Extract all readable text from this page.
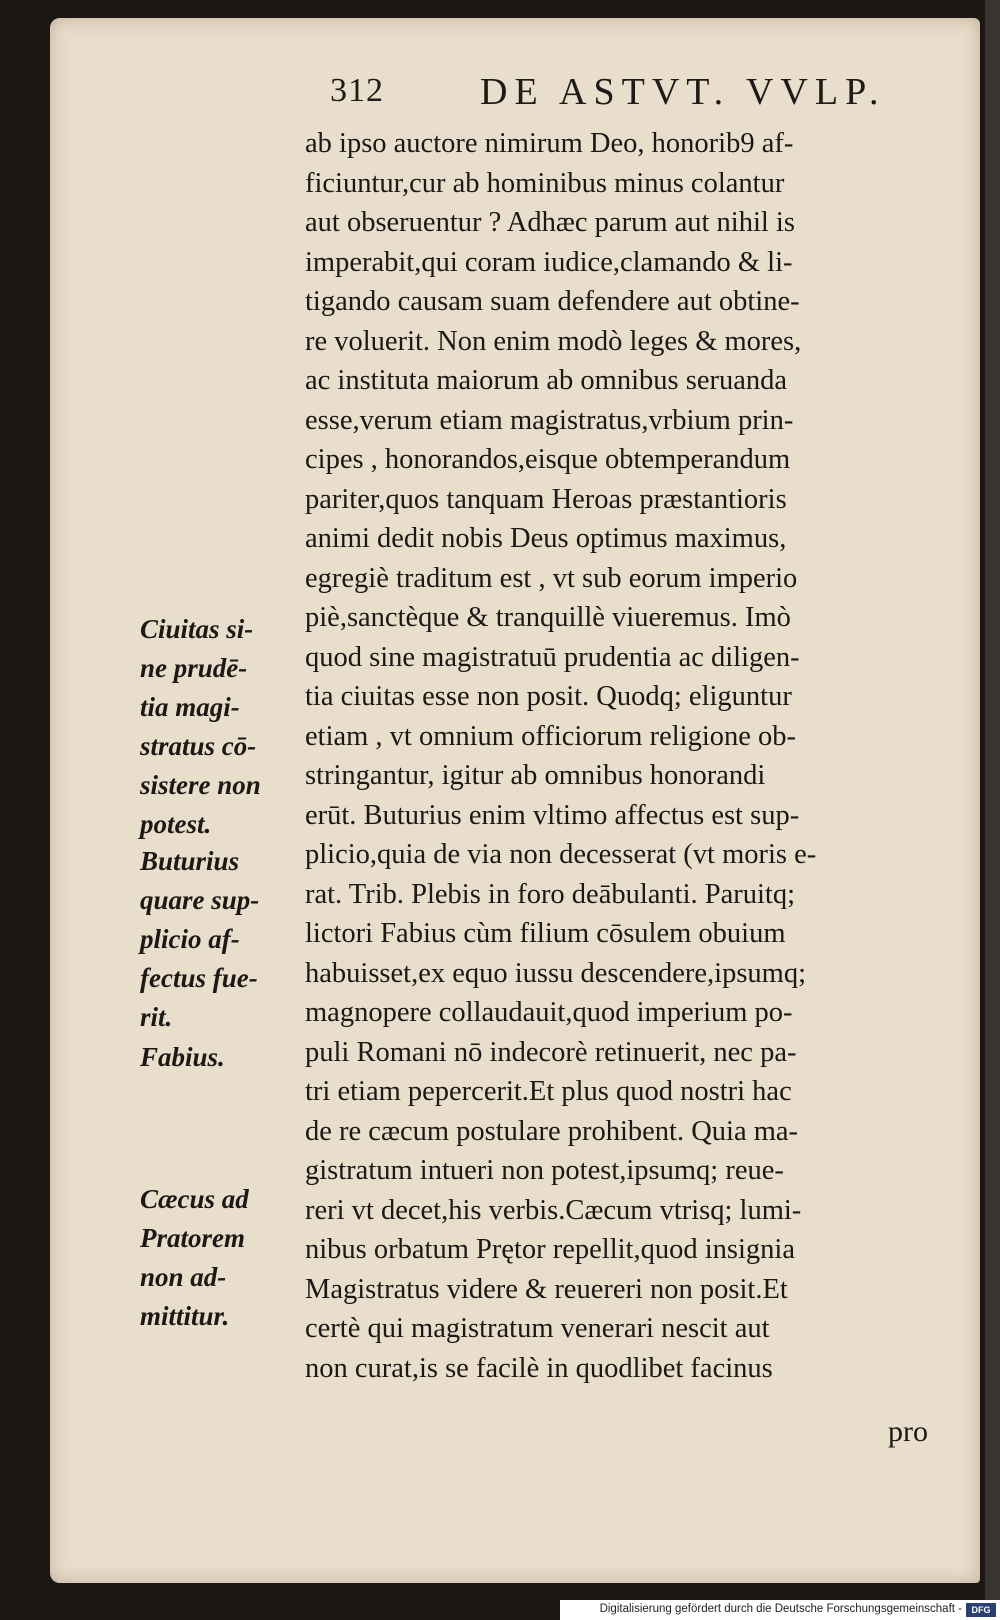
312	DE ASTVT. VVLP.
ab ipso auctore nimirum Deo, honorib9 af-
ficiuntur,cur ab hominibus minus colantur
aut obseruentur ? Adhæc parum aut nihil is
imperabit,qui coram iudice,clamando & li-
tigando causam suam defendere aut obtine-
re voluerit. Non enim modò leges & mores,
ac instituta maiorum ab omnibus seruanda
esse,verum etiam magistratus,vrbium prin-
cipes , honorandos,eisque obtemperandum
pariter,quos tanquam Heroas præstantioris
animi dedit nobis Deus optimus maximus,
egregiè traditum est , vt sub eorum imperio
piè,sanctèque & tranquillè viueremus. Imò
quod sine magistratuū prudentia ac diligen-
tia ciuitas esse non posit. Quodq; eliguntur
etiam , vt omnium officiorum religione ob-
stringantur, igitur ab omnibus honorandi
erūt. Buturius enim vltimo affectus est sup-
plicio,quia de via non decesserat (vt moris e-
rat. Trib. Plebis in foro deābulanti. Paruitq;
lictori Fabius cùm filium cōsulem obuium
habuisset,ex equo iussu descendere,ipsumq;
magnopere collaudauit,quod imperium po-
puli Romani nō indecorè retinuerit, nec pa-
tri etiam pepercerit.Et plus quod nostri hac
de re cæcum postulare prohibent. Quia ma-
gistratum intueri non potest,ipsumq; reue-
reri vt decet,his verbis.Cæcum vtrisq; lumi-
nibus orbatum Prętor repellit,quod insignia
Magistratus videre & reuereri non posit.Et
certè qui magistratum venerari nescit aut
non curat,is se facilè in quodlibet facinus
pro
Ciuitas si-
ne prudē-
tia magi-
stratus cō-
sistere non
potest.
Buturius
quare sup-
plicio af-
fectus fue-
rit.
Fabius.
Cæcus ad
Pratorem
non ad-
mittitur.
Digitalisierung gefördert durch die Deutsche Forschungsgemeinschaft -	DFG
